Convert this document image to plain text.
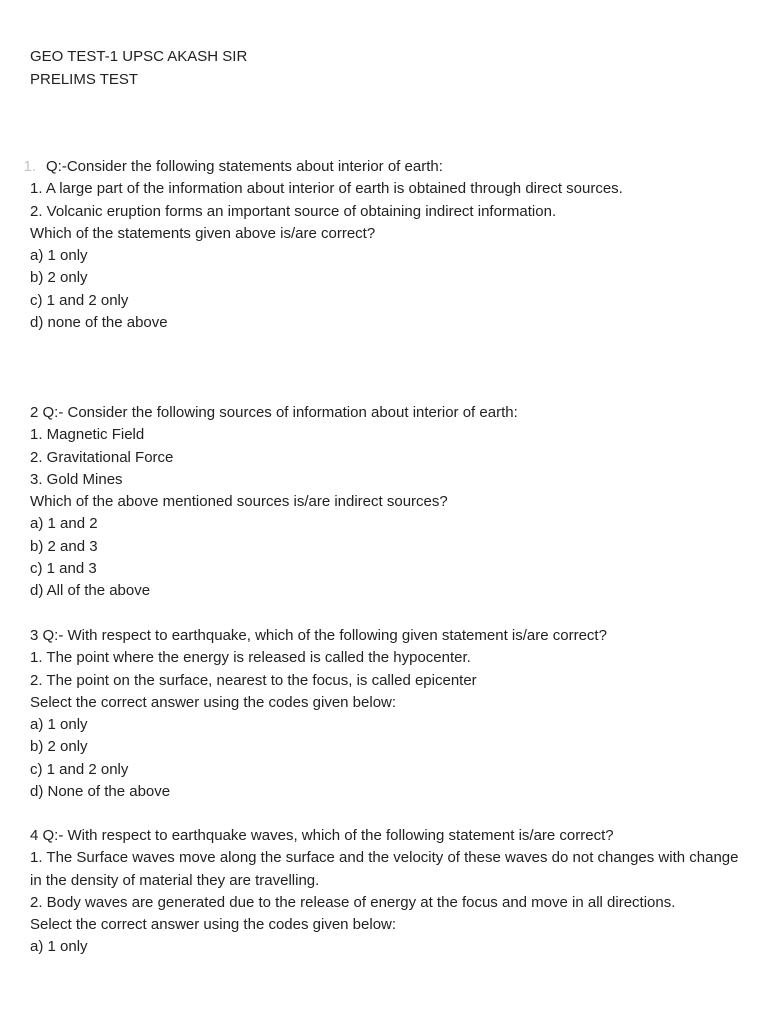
GEO TEST-1 UPSC AKASH SIR
PRELIMS TEST
1. Q:-Consider the following statements about interior of earth:
1. A large part of the information about interior of earth is obtained through direct sources.
2. Volcanic eruption forms an important source of obtaining indirect information.
Which of the statements given above is/are correct?
a) 1 only
b) 2 only
c) 1 and 2 only
d) none of the above
2 Q:- Consider the following sources of information about interior of earth:
1. Magnetic Field
2. Gravitational Force
3. Gold Mines
Which of the above mentioned sources is/are indirect sources?
a) 1 and 2
b) 2 and 3
c) 1 and 3
d) All of the above
3 Q:- With respect to earthquake, which of the following given statement is/are correct?
1. The point where the energy is released is called the hypocenter.
2. The point on the surface, nearest to the focus, is called epicenter
Select the correct answer using the codes given below:
a) 1 only
b) 2 only
c) 1 and 2 only
d) None of the above
4 Q:- With respect to earthquake waves, which of the following statement is/are correct?
1. The Surface waves move along the surface and the velocity of these waves do not changes with change in the density of material they are travelling.
2. Body waves are generated due to the release of energy at the focus and move in all directions.
Select the correct answer using the codes given below:
a) 1 only
